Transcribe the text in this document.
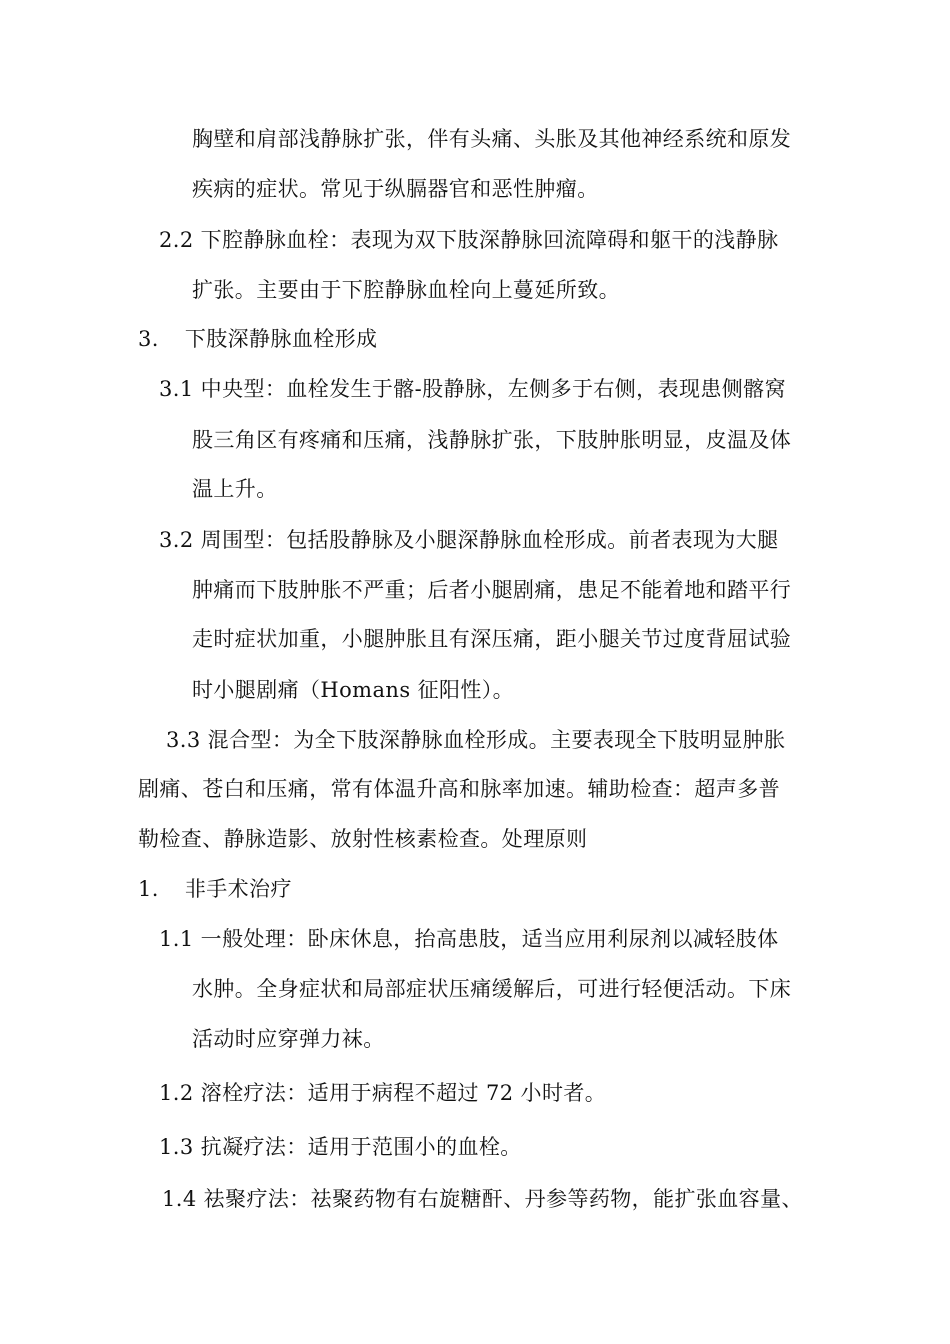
胸壁和肩部浅静脉扩张，伴有头痛、头胀及其他神经系统和原发
疾病的症状。常见于纵膈器官和恶性肿瘤。
2.2 下腔静脉血栓：表现为双下肢深静脉回流障碍和躯干的浅静脉
扩张。主要由于下腔静脉血栓向上蔓延所致。
3. 下肢深静脉血栓形成
3.1 中央型：血栓发生于髂-股静脉，左侧多于右侧，表现患侧髂窝
股三角区有疼痛和压痛，浅静脉扩张，下肢肿胀明显，皮温及体
温上升。
3.2 周围型：包括股静脉及小腿深静脉血栓形成。前者表现为大腿
肿痛而下肢肿胀不严重；后者小腿剧痛，患足不能着地和踏平行
走时症状加重，小腿肿胀且有深压痛，距小腿关节过度背屈试验
时小腿剧痛（Homans 征阳性）。
3.3 混合型：为全下肢深静脉血栓形成。主要表现全下肢明显肿胀
剧痛、苍白和压痛，常有体温升高和脉率加速。辅助检查：超声多普
勒检查、静脉造影、放射性核素检查。处理原则
1. 非手术治疗
1.1 一般处理：卧床休息，抬高患肢，适当应用利尿剂以减轻肢体
水肿。全身症状和局部症状压痛缓解后，可进行轻便活动。下床
活动时应穿弹力袜。
1.2 溶栓疗法：适用于病程不超过 72 小时者。
1.3 抗凝疗法：适用于范围小的血栓。
1.4 祛聚疗法：祛聚药物有右旋糖酐、丹参等药物，能扩张血容量、
